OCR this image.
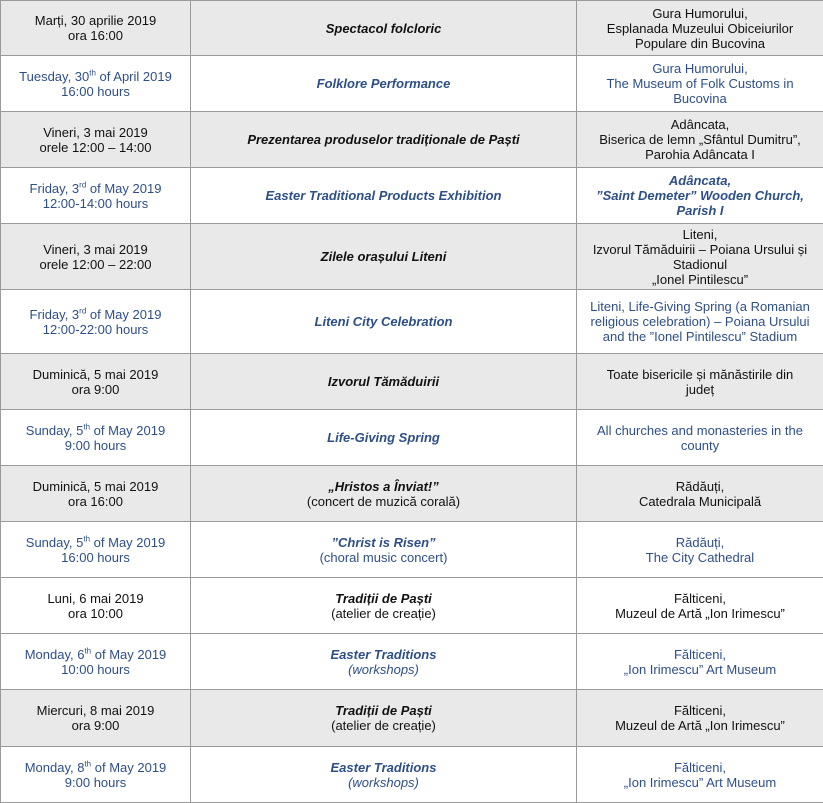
Marți, 30 aprilie 2019
ora 16:00	Spectacol folcloric	Gura Humorului,
Esplanada Muzeului Obiceiurilor
Populare din Bucovina

Tuesday, 30th of April 2019
16:00 hours	Folklore Performance	Gura Humorului,
The Museum of Folk Customs in
Bucovina

Vineri, 3 mai 2019
orele 12:00 – 14:00	Prezentarea produselor tradiționale de Paști	Adâncata,
Biserica de lemn „Sfântul Dumitru”,
Parohia Adâncata I

Friday, 3rd of May 2019
12:00-14:00 hours	Easter Traditional Products Exhibition	Adâncata,
”Saint Demeter” Wooden Church,
Parish I

Vineri, 3 mai 2019
orele 12:00 – 22:00	Zilele orașului Liteni	Liteni,
Izvorul Tămăduirii – Poiana Ursului și
Stadionul
„Ionel Pintilescu”

Friday, 3rd of May 2019
12:00-22:00 hours	Liteni City Celebration	Liteni, Life-Giving Spring (a Romanian
religious celebration) – Poiana Ursului
and the ”Ionel Pintilescu” Stadium

Duminică, 5 mai 2019
ora 9:00	Izvorul Tămăduirii	Toate bisericile și mănăstirile din
județ

Sunday, 5th of May 2019
9:00 hours	Life-Giving Spring	All churches and monasteries in the
county

Duminică, 5 mai 2019
ora 16:00	„Hristos a Înviat!”
(concert de muzică corală)	Rădăuți,
Catedrala Municipală

Sunday, 5th of May 2019
16:00 hours	”Christ is Risen”
(choral music concert)	Rădăuți,
The City Cathedral

Luni, 6 mai 2019
ora 10:00	Tradiții de Paști
(atelier de creație)	Fălticeni,
Muzeul de Artă „Ion Irimescu”

Monday, 6th of May 2019
10:00 hours	Easter Traditions
(workshops)	Fălticeni,
„Ion Irimescu” Art Museum

Miercuri, 8 mai 2019
ora 9:00	Tradiții de Paști
(atelier de creație)	Fălticeni,
Muzeul de Artă „Ion Irimescu”

Monday, 8th of May 2019
9:00 hours	Easter Traditions
(workshops)	Fălticeni,
„Ion Irimescu” Art Museum
